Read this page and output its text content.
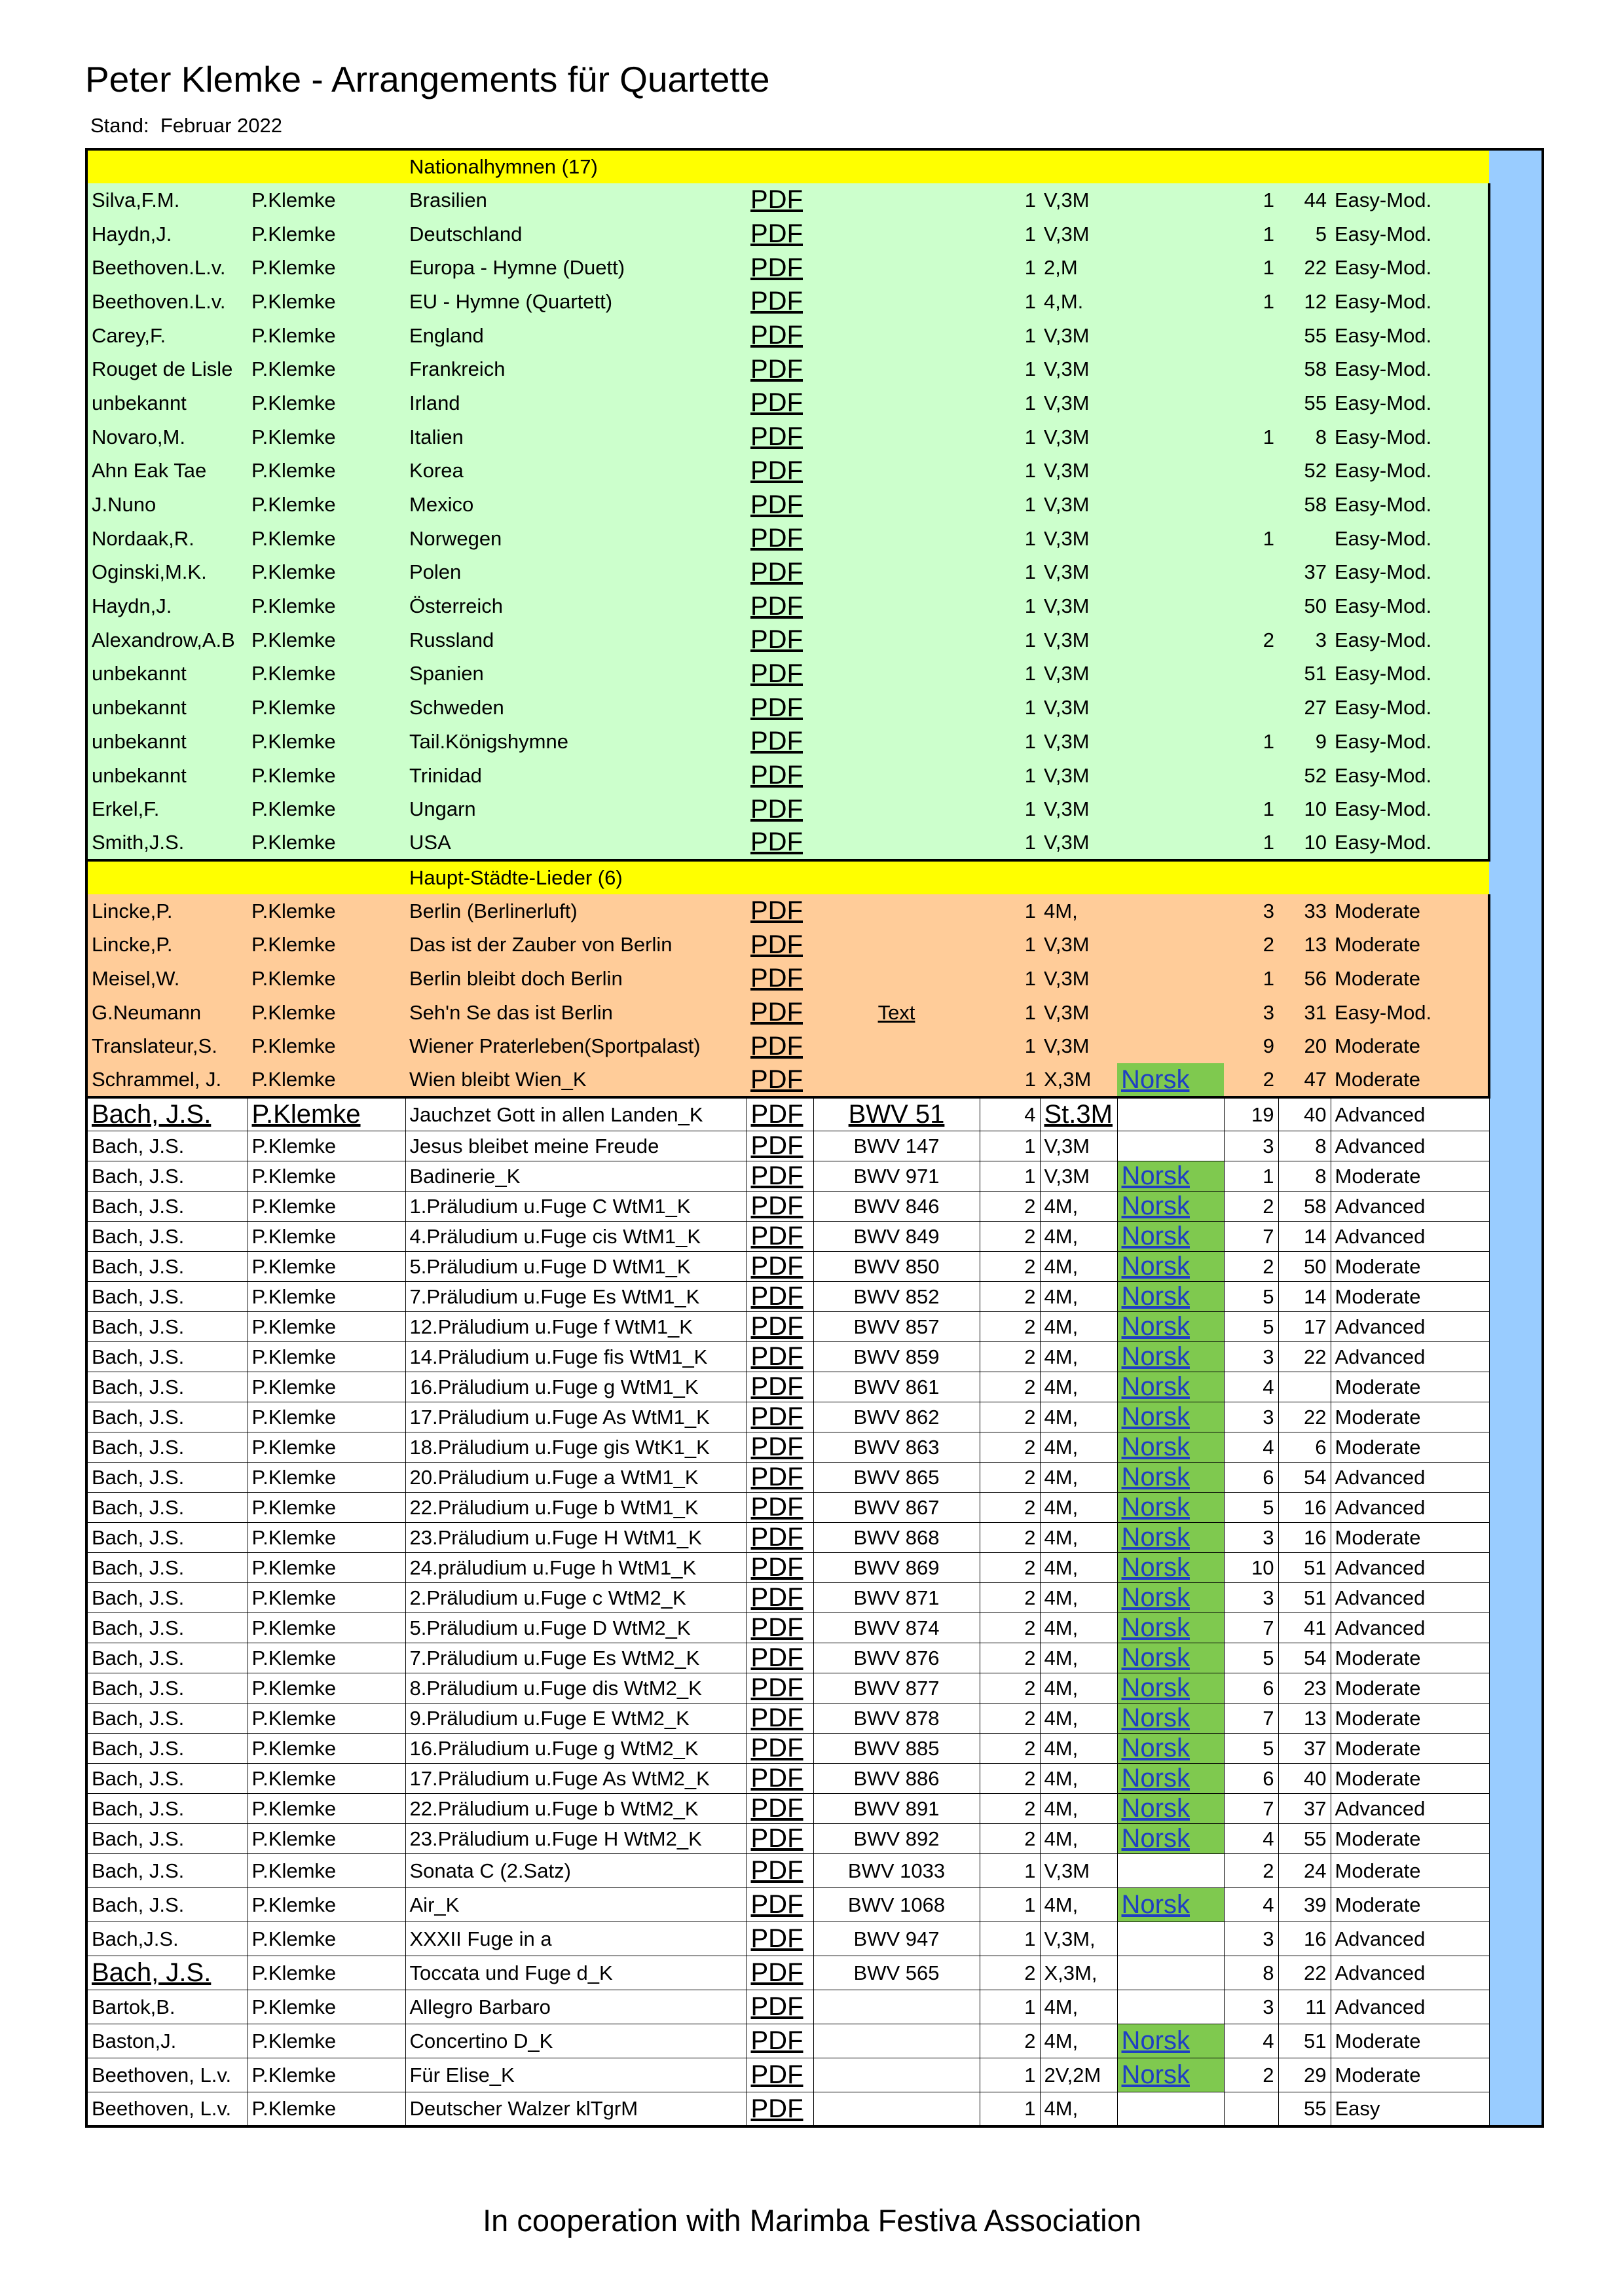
Peter Klemke - Arrangements für Quartette
Stand:  Februar 2022
		Nationalhymnen (17)								
Silva,F.M.	P.Klemke	Brasilien	PDF		1	V,3M		1	44	Easy-Mod.
Haydn,J.	P.Klemke	Deutschland	PDF		1	V,3M		1	5	Easy-Mod.
Beethoven.L.v.	P.Klemke	Europa - Hymne (Duett)	PDF		1	2,M		1	22	Easy-Mod.
Beethoven.L.v.	P.Klemke	EU - Hymne (Quartett)	PDF		1	4,M.		1	12	Easy-Mod.
Carey,F.	P.Klemke	England	PDF		1	V,3M			55	Easy-Mod.
Rouget de Lisle	P.Klemke	Frankreich	PDF		1	V,3M			58	Easy-Mod.
unbekannt	P.Klemke	Irland	PDF		1	V,3M			55	Easy-Mod.
Novaro,M.	P.Klemke	Italien	PDF		1	V,3M		1	8	Easy-Mod.
Ahn Eak Tae	P.Klemke	Korea	PDF		1	V,3M			52	Easy-Mod.
J.Nuno	P.Klemke	Mexico	PDF		1	V,3M			58	Easy-Mod.
Nordaak,R.	P.Klemke	Norwegen	PDF		1	V,3M		1		Easy-Mod.
Oginski,M.K.	P.Klemke	Polen	PDF		1	V,3M			37	Easy-Mod.
Haydn,J.	P.Klemke	Österreich	PDF		1	V,3M			50	Easy-Mod.
Alexandrow,A.B	P.Klemke	Russland	PDF		1	V,3M		2	3	Easy-Mod.
unbekannt	P.Klemke	Spanien	PDF		1	V,3M			51	Easy-Mod.
unbekannt	P.Klemke	Schweden	PDF		1	V,3M			27	Easy-Mod.
unbekannt	P.Klemke	Tail.Königshymne	PDF		1	V,3M		1	9	Easy-Mod.
unbekannt	P.Klemke	Trinidad	PDF		1	V,3M			52	Easy-Mod.
Erkel,F.	P.Klemke	Ungarn	PDF		1	V,3M		1	10	Easy-Mod.
Smith,J.S.	P.Klemke	USA	PDF		1	V,3M		1	10	Easy-Mod.
		Haupt-Städte-Lieder (6)								
Lincke,P.	P.Klemke	Berlin (Berlinerluft)	PDF		1	4M,		3	33	Moderate
Lincke,P.	P.Klemke	Das ist der Zauber von Berlin	PDF		1	V,3M		2	13	Moderate
Meisel,W.	P.Klemke	Berlin bleibt doch Berlin	PDF		1	V,3M		1	56	Moderate
G.Neumann	P.Klemke	Seh'n Se das ist Berlin	PDF	Text	1	V,3M		3	31	Easy-Mod.
Translateur,S.	P.Klemke	Wiener Praterleben(Sportpalast)	PDF		1	V,3M		9	20	Moderate
Schrammel, J.	P.Klemke	Wien bleibt Wien_K	PDF		1	X,3M	Norsk	2	47	Moderate
Bach, J.S.	P.Klemke	Jauchzet Gott in allen Landen_K	PDF	BWV 51	4	St.3M		19	40	Advanced
Bach, J.S.	P.Klemke	Jesus bleibet meine Freude	PDF	BWV 147	1	V,3M		3	8	Advanced
Bach, J.S.	P.Klemke	Badinerie_K	PDF	BWV 971	1	V,3M	Norsk	1	8	Moderate
Bach, J.S.	P.Klemke	1.Präludium u.Fuge C WtM1_K	PDF	BWV 846	2	4M,	Norsk	2	58	Advanced
Bach, J.S.	P.Klemke	4.Präludium u.Fuge cis WtM1_K	PDF	BWV 849	2	4M,	Norsk	7	14	Advanced
Bach, J.S.	P.Klemke	5.Präludium u.Fuge D WtM1_K	PDF	BWV 850	2	4M,	Norsk	2	50	Moderate
Bach, J.S.	P.Klemke	7.Präludium u.Fuge Es WtM1_K	PDF	BWV 852	2	4M,	Norsk	5	14	Moderate
Bach, J.S.	P.Klemke	12.Präludium u.Fuge f WtM1_K	PDF	BWV 857	2	4M,	Norsk	5	17	Advanced
Bach, J.S.	P.Klemke	14.Präludium u.Fuge fis WtM1_K	PDF	BWV 859	2	4M,	Norsk	3	22	Advanced
Bach, J.S.	P.Klemke	16.Präludium u.Fuge g WtM1_K	PDF	BWV 861	2	4M,	Norsk	4		Moderate
Bach, J.S.	P.Klemke	17.Präludium u.Fuge As WtM1_K	PDF	BWV 862	2	4M,	Norsk	3	22	Moderate
Bach, J.S.	P.Klemke	18.Präludium u.Fuge gis WtK1_K	PDF	BWV 863	2	4M,	Norsk	4	6	Moderate
Bach, J.S.	P.Klemke	20.Präludium u.Fuge a WtM1_K	PDF	BWV 865	2	4M,	Norsk	6	54	Advanced
Bach, J.S.	P.Klemke	22.Präludium u.Fuge b WtM1_K	PDF	BWV 867	2	4M,	Norsk	5	16	Advanced
Bach, J.S.	P.Klemke	23.Präludium u.Fuge H WtM1_K	PDF	BWV 868	2	4M,	Norsk	3	16	Moderate
Bach, J.S.	P.Klemke	24.präludium u.Fuge h WtM1_K	PDF	BWV 869	2	4M,	Norsk	10	51	Advanced
Bach, J.S.	P.Klemke	2.Präludium u.Fuge c WtM2_K	PDF	BWV 871	2	4M,	Norsk	3	51	Advanced
Bach, J.S.	P.Klemke	5.Präludium u.Fuge D WtM2_K	PDF	BWV 874	2	4M,	Norsk	7	41	Advanced
Bach, J.S.	P.Klemke	7.Präludium u.Fuge Es WtM2_K	PDF	BWV 876	2	4M,	Norsk	5	54	Moderate
Bach, J.S.	P.Klemke	8.Präludium u.Fuge dis WtM2_K	PDF	BWV 877	2	4M,	Norsk	6	23	Moderate
Bach, J.S.	P.Klemke	9.Präludium u.Fuge E WtM2_K	PDF	BWV 878	2	4M,	Norsk	7	13	Moderate
Bach, J.S.	P.Klemke	16.Präludium u.Fuge g WtM2_K	PDF	BWV 885	2	4M,	Norsk	5	37	Moderate
Bach, J.S.	P.Klemke	17.Präludium u.Fuge As WtM2_K	PDF	BWV 886	2	4M,	Norsk	6	40	Moderate
Bach, J.S.	P.Klemke	22.Präludium u.Fuge b WtM2_K	PDF	BWV 891	2	4M,	Norsk	7	37	Advanced
Bach, J.S.	P.Klemke	23.Präludium u.Fuge H WtM2_K	PDF	BWV 892	2	4M,	Norsk	4	55	Moderate
Bach, J.S.	P.Klemke	Sonata C (2.Satz)	PDF	BWV 1033	1	V,3M		2	24	Moderate
Bach, J.S.	P.Klemke	Air_K	PDF	BWV 1068	1	4M,	Norsk	4	39	Moderate
Bach,J.S.	P.Klemke	XXXII Fuge in a	PDF	BWV 947	1	V,3M,		3	16	Advanced
Bach, J.S.	P.Klemke	Toccata und Fuge d_K	PDF	BWV 565	2	X,3M,		8	22	Advanced
Bartok,B.	P.Klemke	Allegro Barbaro	PDF		1	4M,		3	11	Advanced
Baston,J.	P.Klemke	Concertino D_K	PDF		2	4M,	Norsk	4	51	Moderate
Beethoven, L.v.	P.Klemke	Für Elise_K	PDF		1	2V,2M	Norsk	2	29	Moderate
Beethoven, L.v.	P.Klemke	Deutscher Walzer klTgrM	PDF		1	4M,			55	Easy
In cooperation with Marimba Festiva Association
